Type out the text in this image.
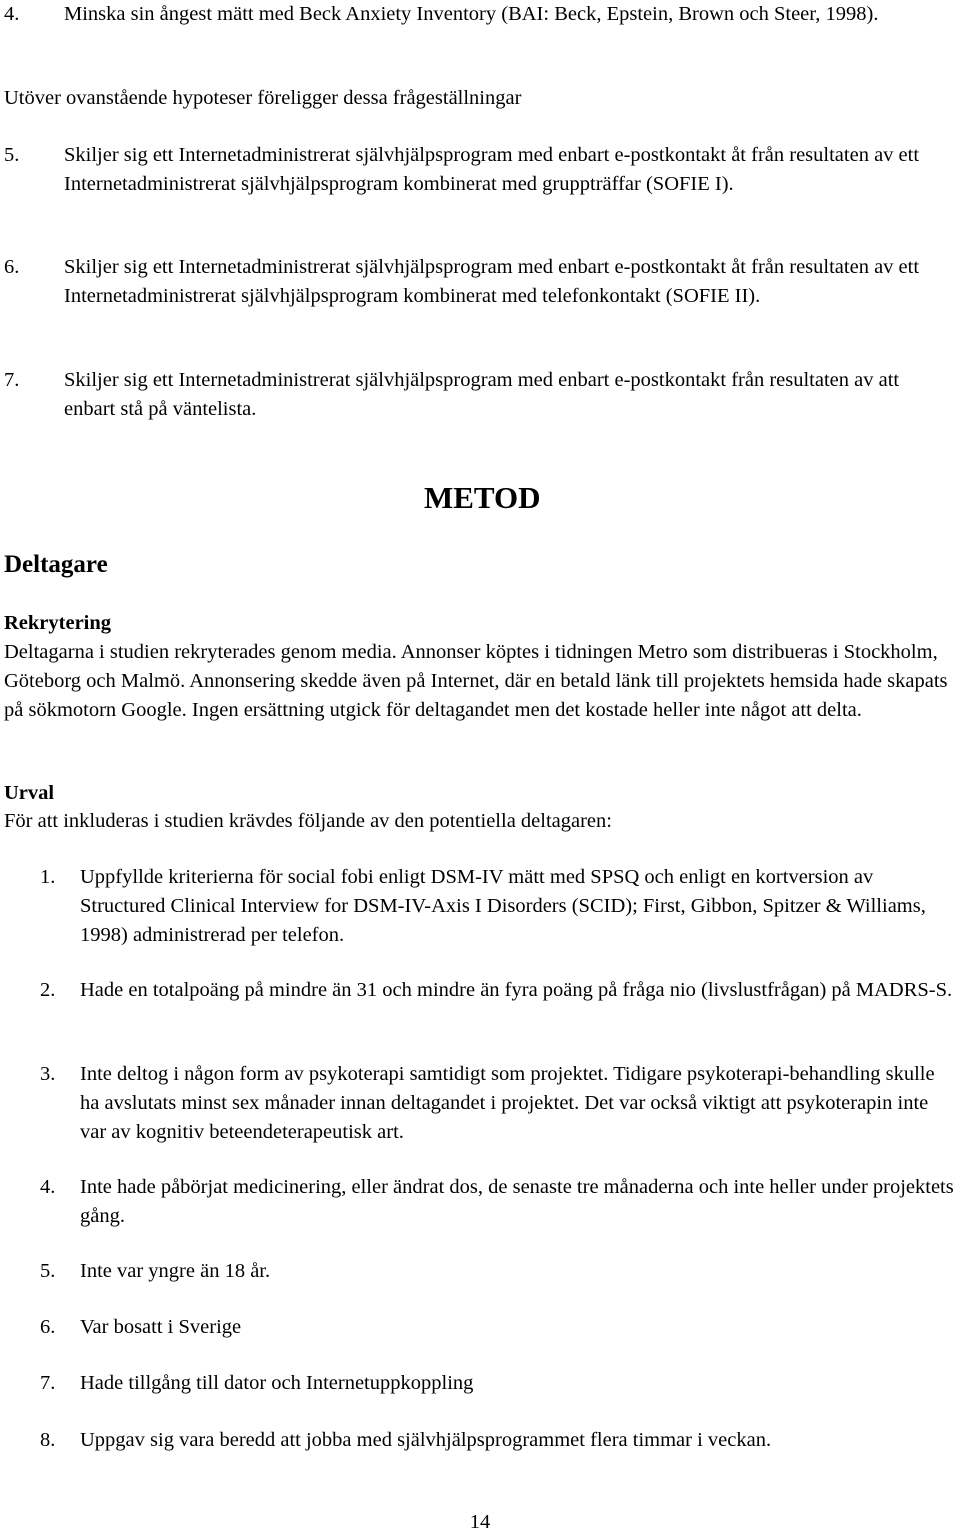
4. Minska sin ångest mätt med Beck Anxiety Inventory (BAI: Beck, Epstein, Brown och Steer, 1998).
Utöver ovanstående hypoteser föreligger dessa frågeställningar
5. Skiljer sig ett Internetadministrerat självhjälpsprogram med enbart e-postkontakt åt från resultaten av ett Internetadministrerat självhjälpsprogram kombinerat med gruppträffar (SOFIE I).
6. Skiljer sig ett Internetadministrerat självhjälpsprogram med enbart e-postkontakt åt från resultaten av ett Internetadministrerat självhjälpsprogram kombinerat med telefonkontakt (SOFIE II).
7. Skiljer sig ett Internetadministrerat självhjälpsprogram med enbart e-postkontakt från resultaten av att enbart stå på väntelista.
METOD
Deltagare
Rekrytering
Deltagarna i studien rekryterades genom media. Annonser köptes i tidningen Metro som distribueras i Stockholm, Göteborg och Malmö. Annonsering skedde även på Internet, där en betald länk till projektets hemsida hade skapats på sökmotorn Google. Ingen ersättning utgick för deltagandet men det kostade heller inte något att delta.
Urval
För att inkluderas i studien krävdes följande av den potentiella deltagaren:
1. Uppfyllde kriterierna för social fobi enligt DSM-IV mätt med SPSQ och enligt en kortversion av Structured Clinical Interview for DSM-IV-Axis I Disorders (SCID); First, Gibbon, Spitzer & Williams, 1998) administrerad per telefon.
2. Hade en totalpoäng på mindre än 31 och mindre än fyra poäng på fråga nio (livslustfrågan) på MADRS-S.
3. Inte deltog i någon form av psykoterapi samtidigt som projektet. Tidigare psykoterapi-behandling skulle ha avslutats minst sex månader innan deltagandet i projektet. Det var också viktigt att psykoterapin inte var av kognitiv beteendeterapeutisk art.
4. Inte hade påbörjat medicinering, eller ändrat dos, de senaste tre månaderna och inte heller under projektets gång.
5. Inte var yngre än 18 år.
6. Var bosatt i Sverige
7. Hade tillgång till dator och Internetuppkoppling
8. Uppgav sig vara beredd att jobba med självhjälpsprogrammet flera timmar i veckan.
14
